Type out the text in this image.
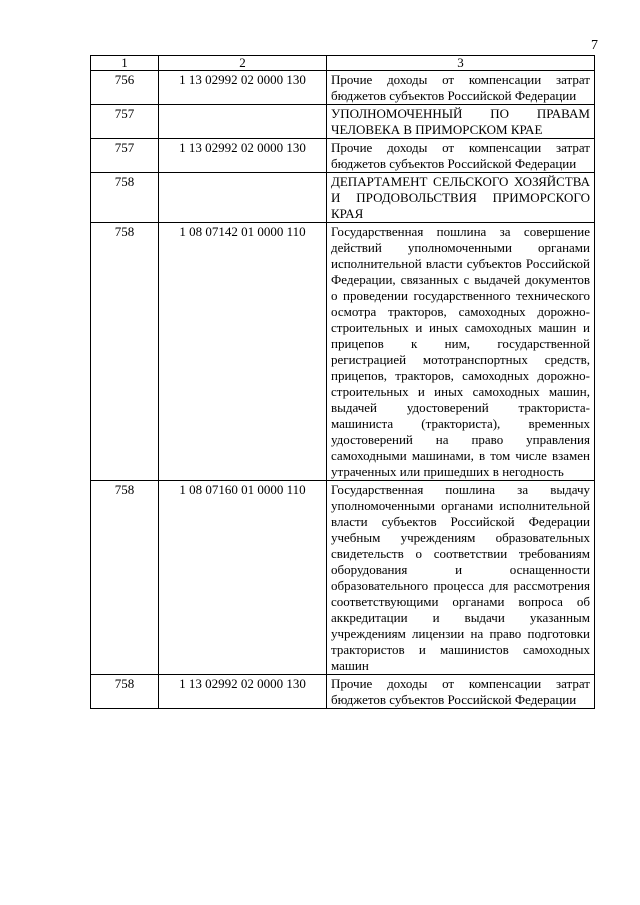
7
1	2	3
756	1 13 02992 02 0000 130	Прочие доходы от компенсации затрат бюджетов субъектов Российской Федерации
757		УПОЛНОМОЧЕННЫЙ ПО ПРАВАМ ЧЕЛОВЕКА В ПРИМОРСКОМ КРАЕ
757	1 13 02992 02 0000 130	Прочие доходы от компенсации затрат бюджетов субъектов Российской Федерации
758		ДЕПАРТАМЕНТ СЕЛЬСКОГО ХОЗЯЙСТВА И ПРОДОВОЛЬСТВИЯ ПРИМОРСКОГО КРАЯ
758	1 08 07142 01 0000 110	Государственная пошлина за совершение действий уполномоченными органами исполнительной власти субъектов Российской Федерации, связанных с выдачей документов о проведении государственного технического осмотра тракторов, самоходных дорожно-строительных и иных самоходных машин и прицепов к ним, государственной регистрацией мототранспортных средств, прицепов, тракторов, самоходных дорожно-строительных и иных самоходных машин, выдачей удостоверений тракториста-машиниста (тракториста), временных удостоверений на право управления самоходными машинами, в том числе взамен утраченных или пришедших в негодность
758	1 08 07160 01 0000 110	Государственная пошлина за выдачу уполномоченными органами исполнительной власти субъектов Российской Федерации учебным учреждениям образовательных свидетельств о соответствии требованиям оборудования и оснащенности образовательного процесса для рассмотрения соответствующими органами вопроса об аккредитации и выдачи указанным учреждениям лицензии на право подготовки трактористов и машинистов самоходных машин
758	1 13 02992 02 0000 130	Прочие доходы от компенсации затрат бюджетов субъектов Российской Федерации
